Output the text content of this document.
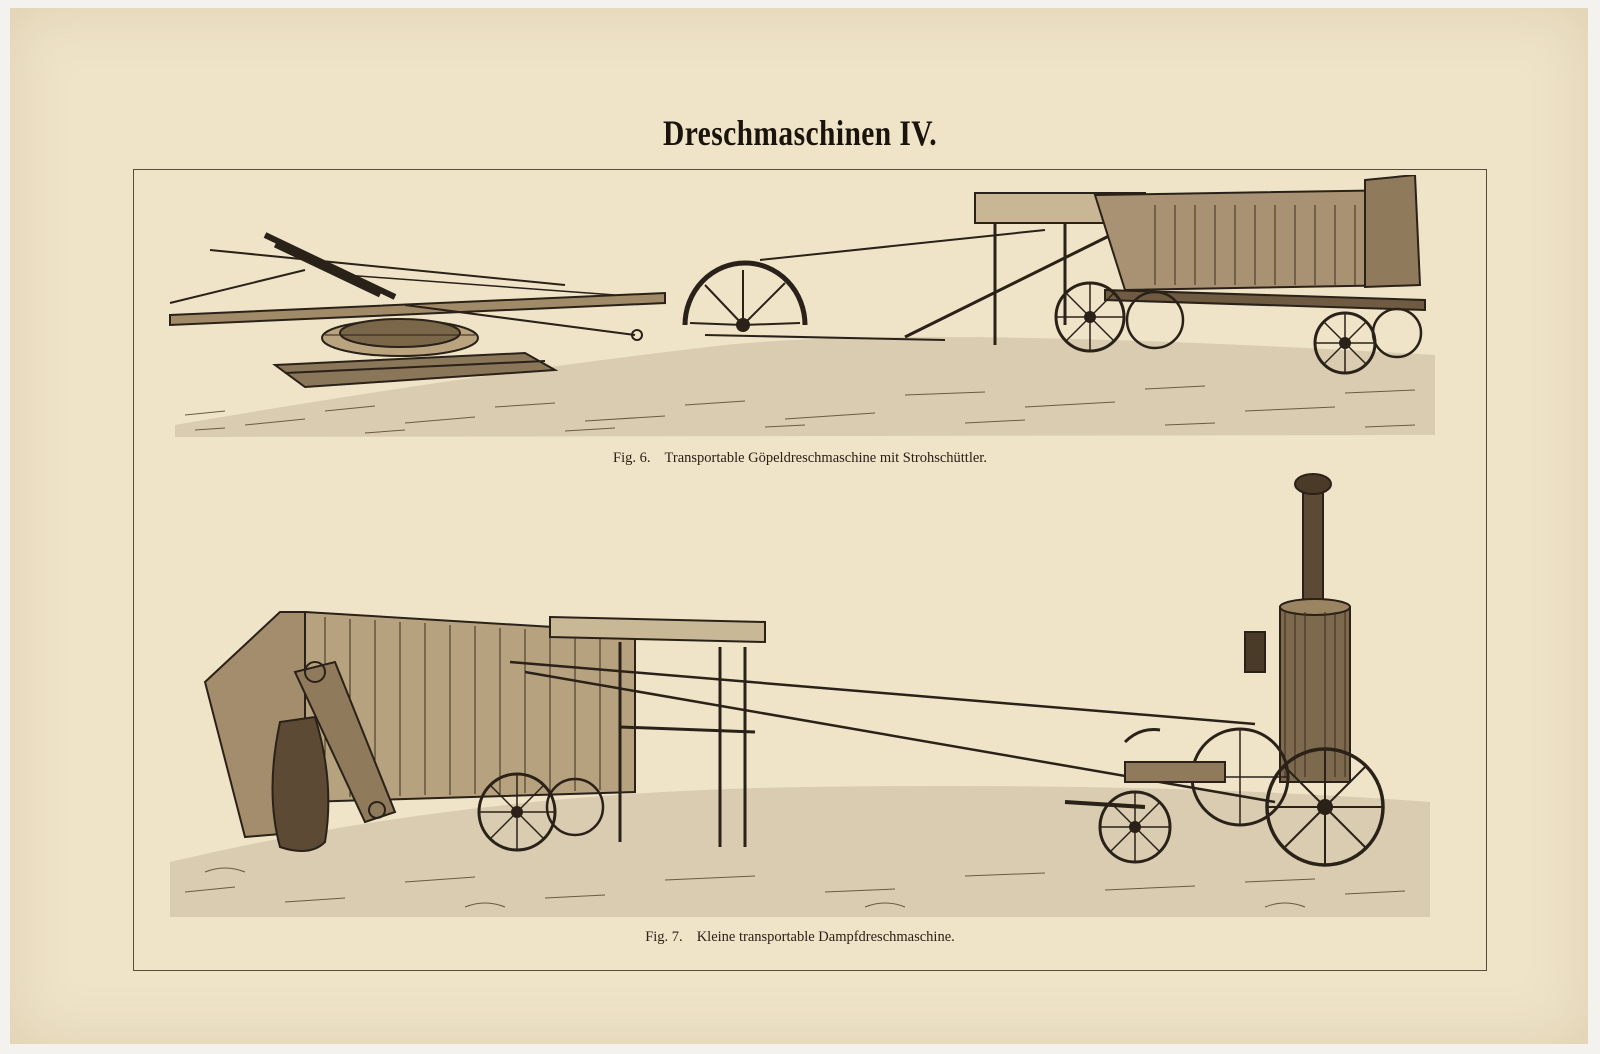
Dreschmaschinen IV.
Fig. 6. Transportable Göpeldreschmaschine mit Strohschüttler.
Fig. 7. Kleine transportable Dampfdreschmaschine.
